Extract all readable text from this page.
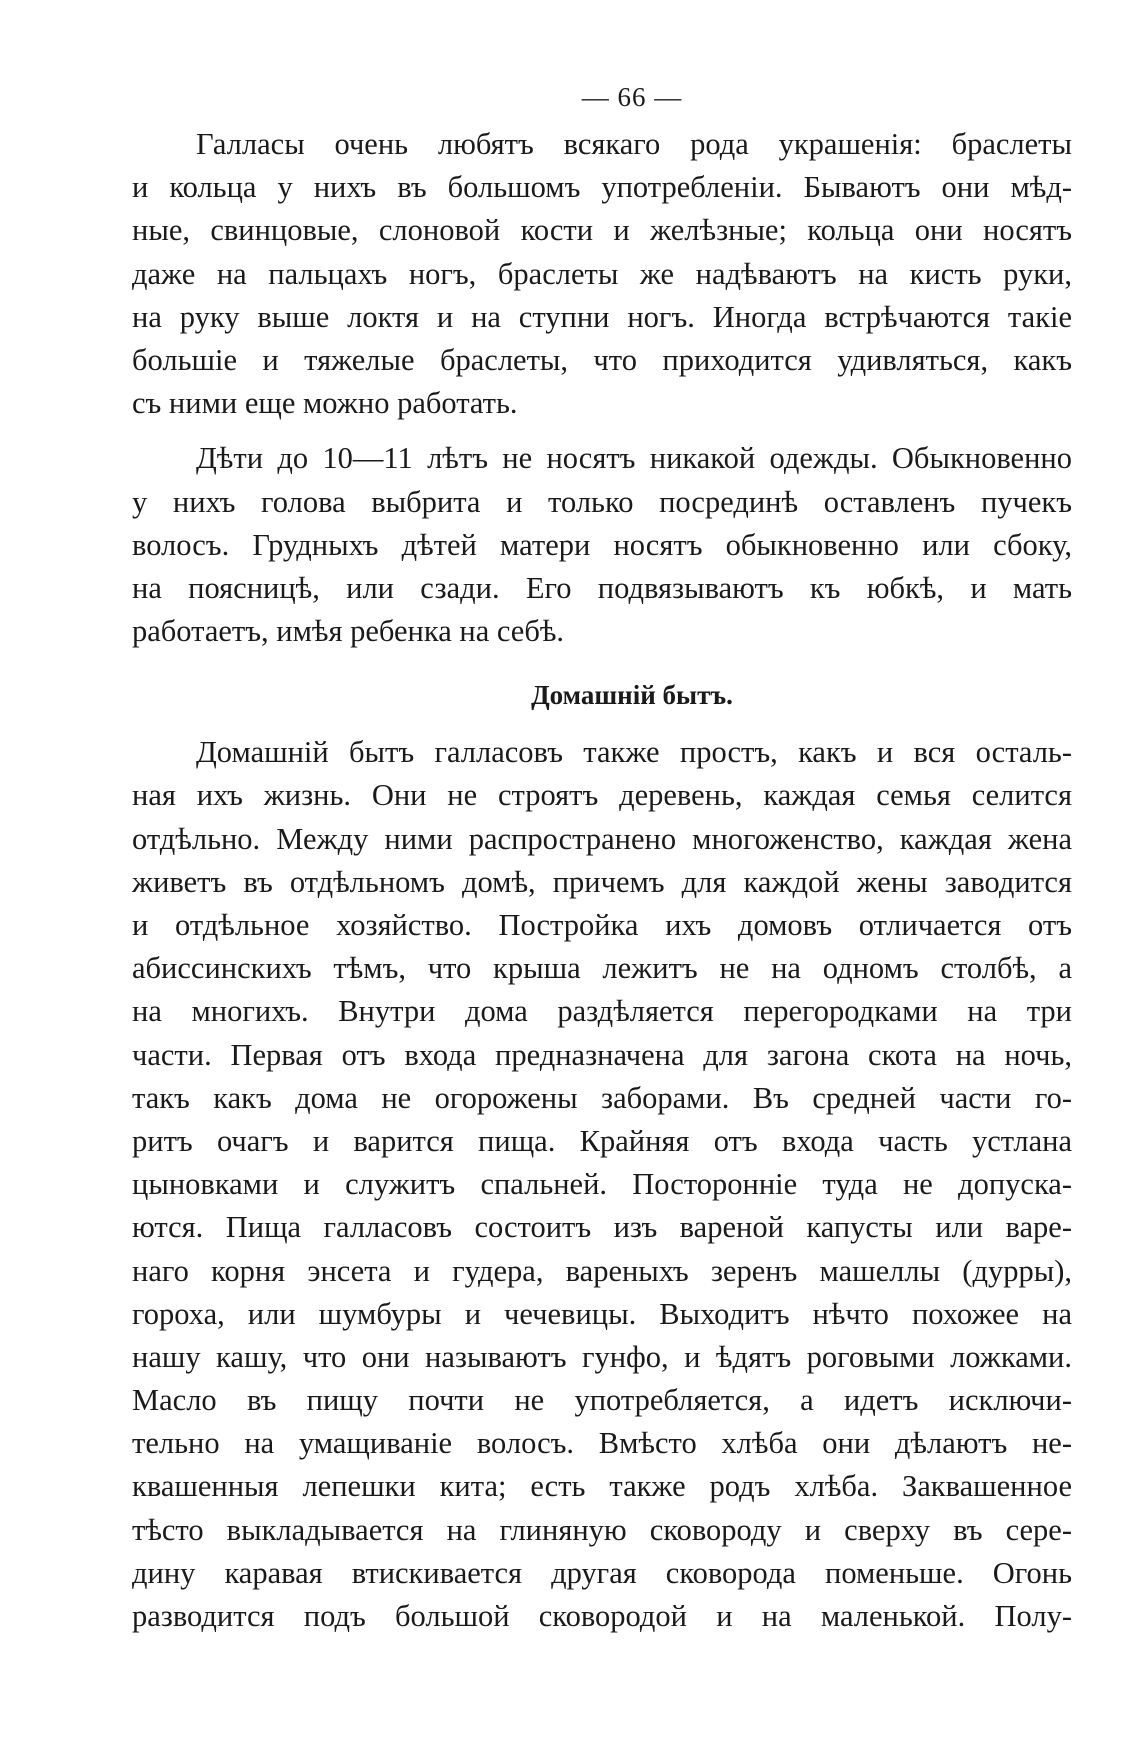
— 66 —
Галласы очень любятъ всякаго рода украшенія: браслеты
и кольца у нихъ въ большомъ употребленіи. Бываютъ они мѣд-
ные, свинцовые, слоновой кости и желѣзные; кольца они носятъ
даже на пальцахъ ногъ, браслеты же надѣваютъ на кисть руки,
на руку выше локтя и на ступни ногъ. Иногда встрѣчаются такіе
большіе и тяжелые браслеты, что приходится удивляться, какъ
съ ними еще можно работать.
Дѣти до 10—11 лѣтъ не носятъ никакой одежды. Обыкновенно
у нихъ голова выбрита и только посрединѣ оставленъ пучекъ
волосъ. Грудныхъ дѣтей матери носятъ обыкновенно или сбоку,
на поясницѣ, или сзади. Его подвязываютъ къ юбкѣ, и мать
работаетъ, имѣя ребенка на себѣ.
Домашній бытъ.
Домашній бытъ галласовъ также простъ, какъ и вся осталь-
ная ихъ жизнь. Они не строятъ деревень, каждая семья селится
отдѣльно. Между ними распространено многоженство, каждая жена
живетъ въ отдѣльномъ домѣ, причемъ для каждой жены заводится
и отдѣльное хозяйство. Постройка ихъ домовъ отличается отъ
абиссинскихъ тѣмъ, что крыша лежитъ не на одномъ столбѣ, а
на многихъ. Внутри дома раздѣляется перегородками на три
части. Первая отъ входа предназначена для загона скота на ночь,
такъ какъ дома не огорожены заборами. Въ средней части го-
ритъ очагъ и варится пища. Крайняя отъ входа часть устлана
цыновками и служитъ спальней. Посторонніе туда не допуска-
ются. Пища галласовъ состоитъ изъ вареной капусты или варе-
наго корня энсета и гудера, вареныхъ зеренъ машеллы (дурры),
гороха, или шумбуры и чечевицы. Выходитъ нѣчто похожее на
нашу кашу, что они называютъ гунфо, и ѣдятъ роговыми ложками.
Масло въ пищу почти не употребляется, а идетъ исключи-
тельно на умащиваніе волосъ. Вмѣсто хлѣба они дѣлаютъ не-
квашенныя лепешки кита; есть также родъ хлѣба. Заквашенное
тѣсто выкладывается на глиняную сковороду и сверху въ сере-
дину каравая втискивается другая сковорода поменьше. Огонь
разводится подъ большой сковородой и на маленькой. Полу-
